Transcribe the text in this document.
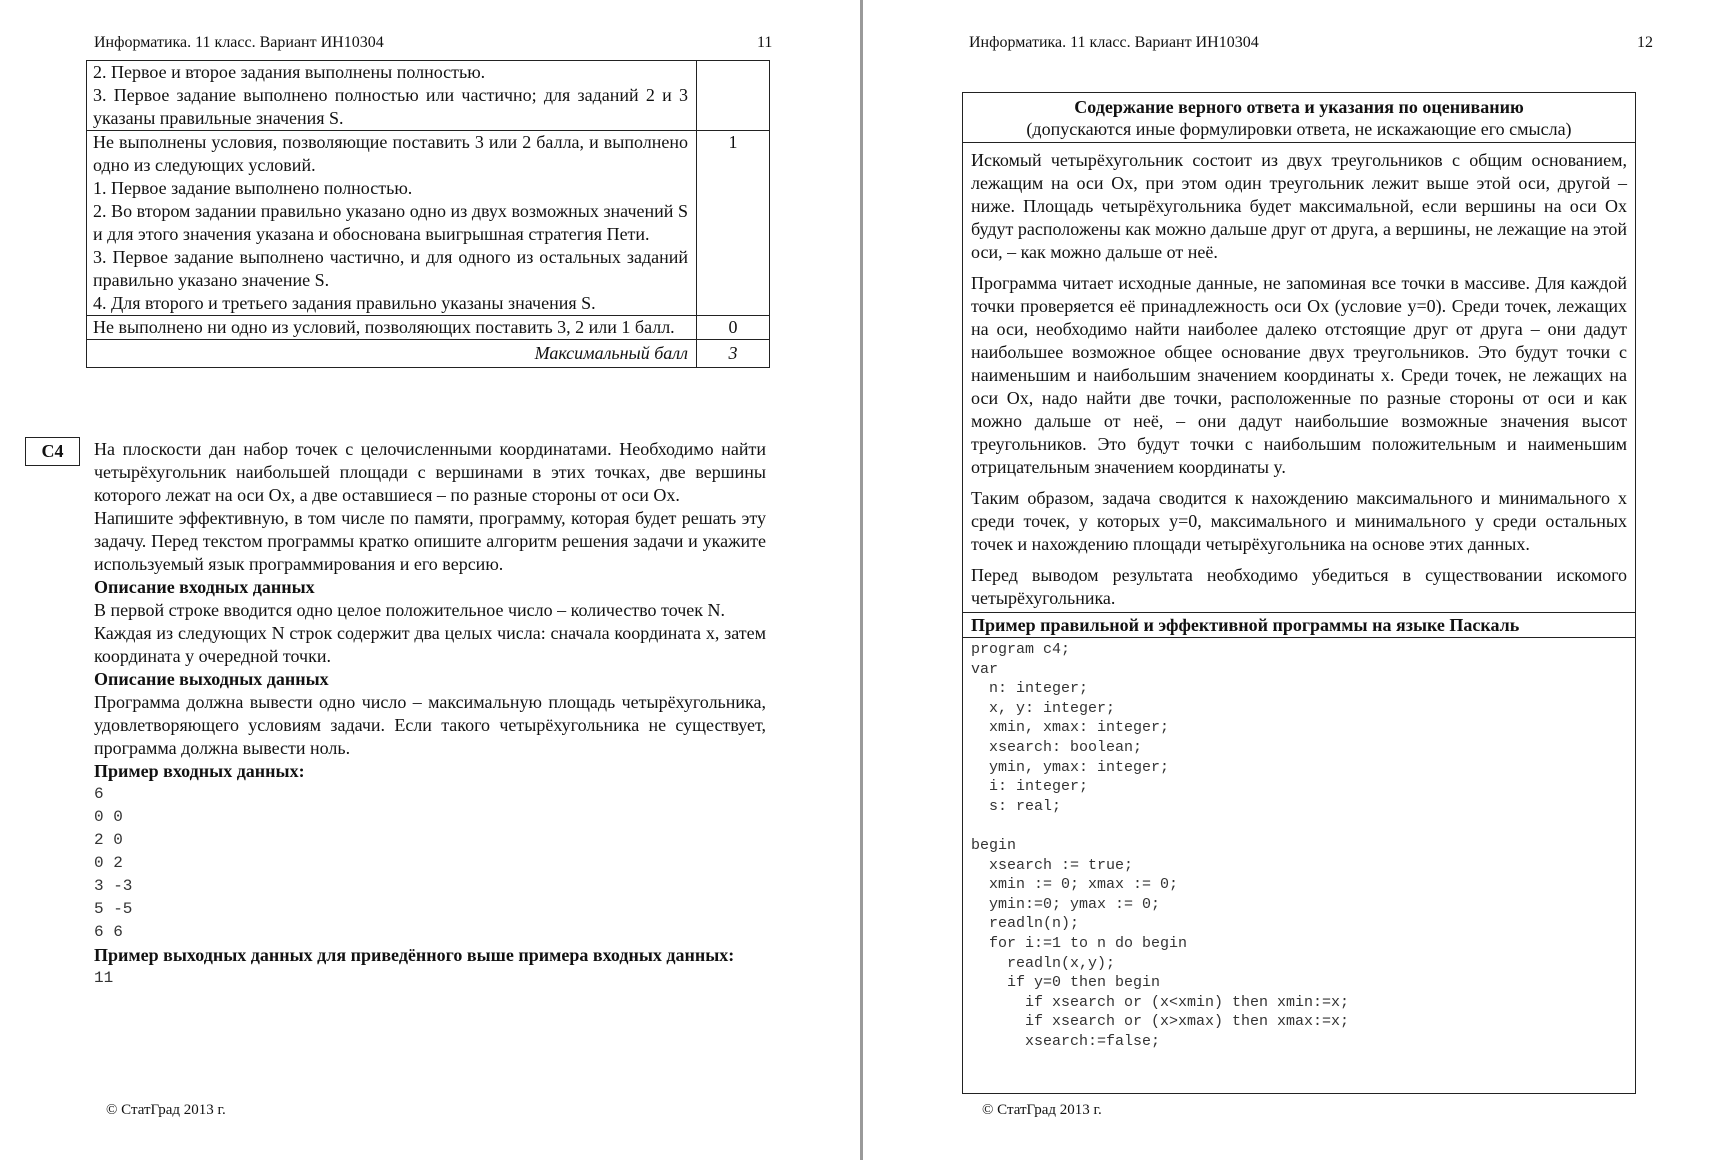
Информатика. 11 класс. Вариант ИН10304	11
2. Первое и второе задания выполнены полностью.
3. Первое задание выполнено полностью или частично; для заданий 2 и 3 указаны правильные значения S.	

Не выполнены условия, позволяющие поставить 3 или 2 балла, и выполнено одно из следующих условий.
1. Первое задание выполнено полностью.
2. Во втором задании правильно указано одно из двух возможных значений S и для этого значения указана и обоснована выигрышная стратегия Пети.
3. Первое задание выполнено частично, и для одного из остальных заданий правильно указано значение S.
4. Для второго и третьего задания правильно указаны значения S.	1

Не выполнено ни одно из условий, позволяющих поставить 3, 2 или 1 балл.	0
Максимальный балл	3
C4	На плоскости дан набор точек с целочисленными координатами. Необходимо найти четырёхугольник наибольшей площади с вершинами в этих точках, две вершины которого лежат на оси Ox, а две оставшиеся – по разные стороны от оси Ox.

Напишите эффективную, в том числе по памяти, программу, которая будет решать эту задачу. Перед текстом программы кратко опишите алгоритм решения задачи и укажите используемый язык программирования и его версию.

Описание входных данных

В первой строке вводится одно целое положительное число – количество точек N.

Каждая из следующих N строк содержит два целых числа: сначала координата x, затем координата y очередной точки.

Описание выходных данных

Программа должна вывести одно число – максимальную площадь четырёхугольника, удовлетворяющего условиям задачи. Если такого четырёхугольника не существует, программа должна вывести ноль.

Пример входных данных:

6
0 0
2 0
0 2
3 -3
5 -5
6 6

Пример выходных данных для приведённого выше примера входных данных:

11
© СтатГрад 2013 г.
Информатика. 11 класс. Вариант ИН10304	12
© СтатГрад 2013 г.
Содержание верного ответа и указания по оцениванию
(допускаются иные формулировки ответа, не искажающие его смысла)

Искомый четырёхугольник состоит из двух треугольников с общим основанием, лежащим на оси Ox, при этом один треугольник лежит выше этой оси, другой – ниже. Площадь четырёхугольника будет максимальной, если вершины на оси Ox будут расположены как можно дальше друг от друга, а вершины, не лежащие на этой оси, – как можно дальше от неё.

Программа читает исходные данные, не запоминая все точки в массиве. Для каждой точки проверяется её принадлежность оси Ox (условие y=0). Среди точек, лежащих на оси, необходимо найти наиболее далеко отстоящие друг от друга – они дадут наибольшее возможное общее основание двух треугольников. Это будут точки с наименьшим и наибольшим значением координаты x. Среди точек, не лежащих на оси Ox, надо найти две точки, расположенные по разные стороны от оси и как можно дальше от неё, – они дадут наибольшие возможные значения высот треугольников. Это будут точки с наибольшим положительным и наименьшим отрицательным значением координаты y.

Таким образом, задача сводится к нахождению максимального и минимального x среди точек, у которых y=0, максимального и минимального y среди остальных точек и нахождению площади четырёхугольника на основе этих данных.

Перед выводом результата необходимо убедиться в существовании искомого четырёхугольника.

Пример правильной и эффективной программы на языке Паскаль
program c4;
var
n: integer;
x, y: integer;
xmin, xmax: integer;
xsearch: boolean;
ymin, ymax: integer;
i: integer;
s: real;
begin
xsearch := true;
xmin := 0; xmax := 0;
ymin:=0; ymax := 0;
readln(n);
for i:=1 to n do begin
readln(x,y);
if y=0 then begin
if xsearch or (x<xmin) then xmin:=x;
if xsearch or (x>xmax) then xmax:=x;
xsearch:=false;
